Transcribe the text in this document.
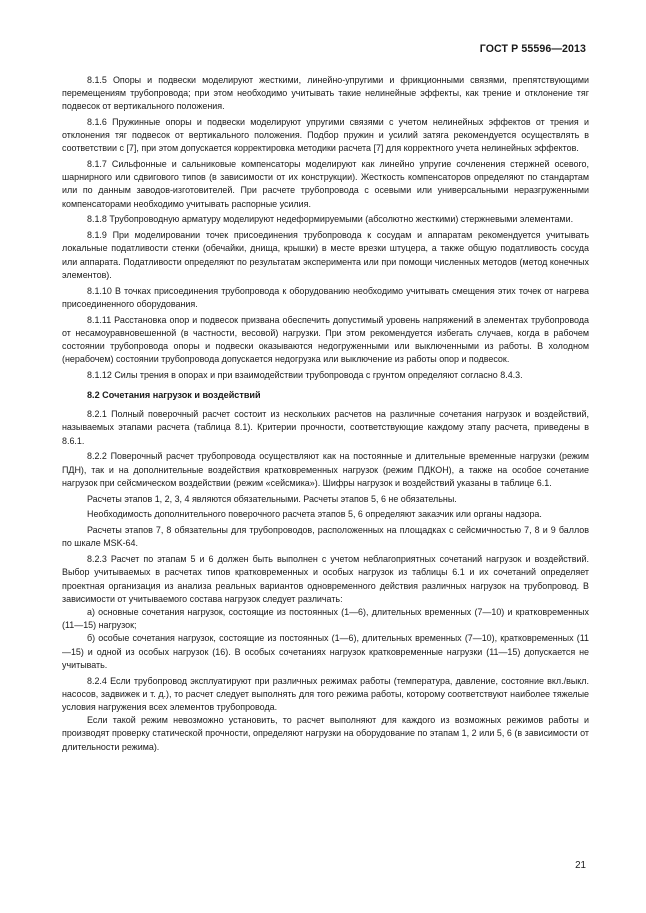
ГОСТ Р 55596—2013

8.1.5 Опоры и подвески моделируют жесткими, линейно-упругими и фрикционными связями, препятствующими перемещениям трубопровода; при этом необходимо учитывать такие нелинейные эффекты, как трение и отклонение тяг подвесок от вертикального положения.

8.1.6 Пружинные опоры и подвески моделируют упругими связями с учетом нелинейных эффектов от трения и отклонения тяг подвесок от вертикального положения. Подбор пружин и усилий затяга рекомендуется осуществлять в соответствии с [7], при этом допускается корректировка методики расчета [7] для корректного учета нелинейных эффектов.

8.1.7 Сильфонные и сальниковые компенсаторы моделируют как линейно упругие сочленения стержней осевого, шарнирного или сдвигового типов (в зависимости от их конструкции). Жесткость компенсаторов определяют по стандартам или по данным заводов-изготовителей. При расчете трубопровода с осевыми или универсальными неразгруженными компенсаторами необходимо учитывать распорные усилия.

8.1.8 Трубопроводную арматуру моделируют недеформируемыми (абсолютно жесткими) стержневыми элементами.

8.1.9 При моделировании точек присоединения трубопровода к сосудам и аппаратам рекомендуется учитывать локальные податливости стенки (обечайки, днища, крышки) в месте врезки штуцера, а также общую податливость сосуда или аппарата. Податливости определяют по результатам эксперимента или при помощи численных методов (метод конечных элементов).

8.1.10 В точках присоединения трубопровода к оборудованию необходимо учитывать смещения этих точек от нагрева присоединенного оборудования.

8.1.11 Расстановка опор и подвесок призвана обеспечить допустимый уровень напряжений в элементах трубопровода от несамоуравновешенной (в частности, весовой) нагрузки. При этом рекомендуется избегать случаев, когда в рабочем состоянии трубопровода опоры и подвески оказываются недогруженными или выключенными из работы. В холодном (нерабочем) состоянии трубопровода допускается недогрузка или выключение из работы опор и подвесок.

8.1.12 Силы трения в опорах и при взаимодействии трубопровода с грунтом определяют согласно 8.4.3.

8.2 Сочетания нагрузок и воздействий

8.2.1 Полный поверочный расчет состоит из нескольких расчетов на различные сочетания нагрузок и воздействий, называемых этапами расчета (таблица 8.1). Критерии прочности, соответствующие каждому этапу расчета, приведены в 8.6.1.

8.2.2 Поверочный расчет трубопровода осуществляют как на постоянные и длительные временные нагрузки (режим ПДН), так и на дополнительные воздействия кратковременных нагрузок (режим ПДКОН), а также на особое сочетание нагрузок при сейсмическом воздействии (режим «сейсмика»). Шифры нагрузок и воздействий указаны в таблице 6.1.

Расчеты этапов 1, 2, 3, 4 являются обязательными. Расчеты этапов 5, 6 не обязательны.

Необходимость дополнительного поверочного расчета этапов 5, 6 определяют заказчик или органы надзора.

Расчеты этапов 7, 8 обязательны для трубопроводов, расположенных на площадках с сейсмичностью 7, 8 и 9 баллов по шкале MSK-64.

8.2.3 Расчет по этапам 5 и 6 должен быть выполнен с учетом неблагоприятных сочетаний нагрузок и воздействий. Выбор учитываемых в расчетах типов кратковременных и особых нагрузок из таблицы 6.1 и их сочетаний определяет проектная организация из анализа реальных вариантов одновременного действия различных нагрузок на трубопровод. В зависимости от учитываемого состава нагрузок следует различать:

а) основные сочетания нагрузок, состоящие из постоянных (1—6), длительных временных (7—10) и кратковременных (11—15) нагрузок;

б) особые сочетания нагрузок, состоящие из постоянных (1—6), длительных временных (7—10), кратковременных (11—15) и одной из особых нагрузок (16). В особых сочетаниях нагрузок кратковременные нагрузки (11—15) допускается не учитывать.

8.2.4 Если трубопровод эксплуатируют при различных режимах работы (температура, давление, состояние вкл./выкл. насосов, задвижек и т. д.), то расчет следует выполнять для того режима работы, которому соответствуют наиболее тяжелые условия нагружения всех элементов трубопровода.

Если такой режим невозможно установить, то расчет выполняют для каждого из возможных режимов работы и производят проверку статической прочности, определяют нагрузки на оборудование по этапам 1, 2 или 5, 6 (в зависимости от длительности режима).

21
